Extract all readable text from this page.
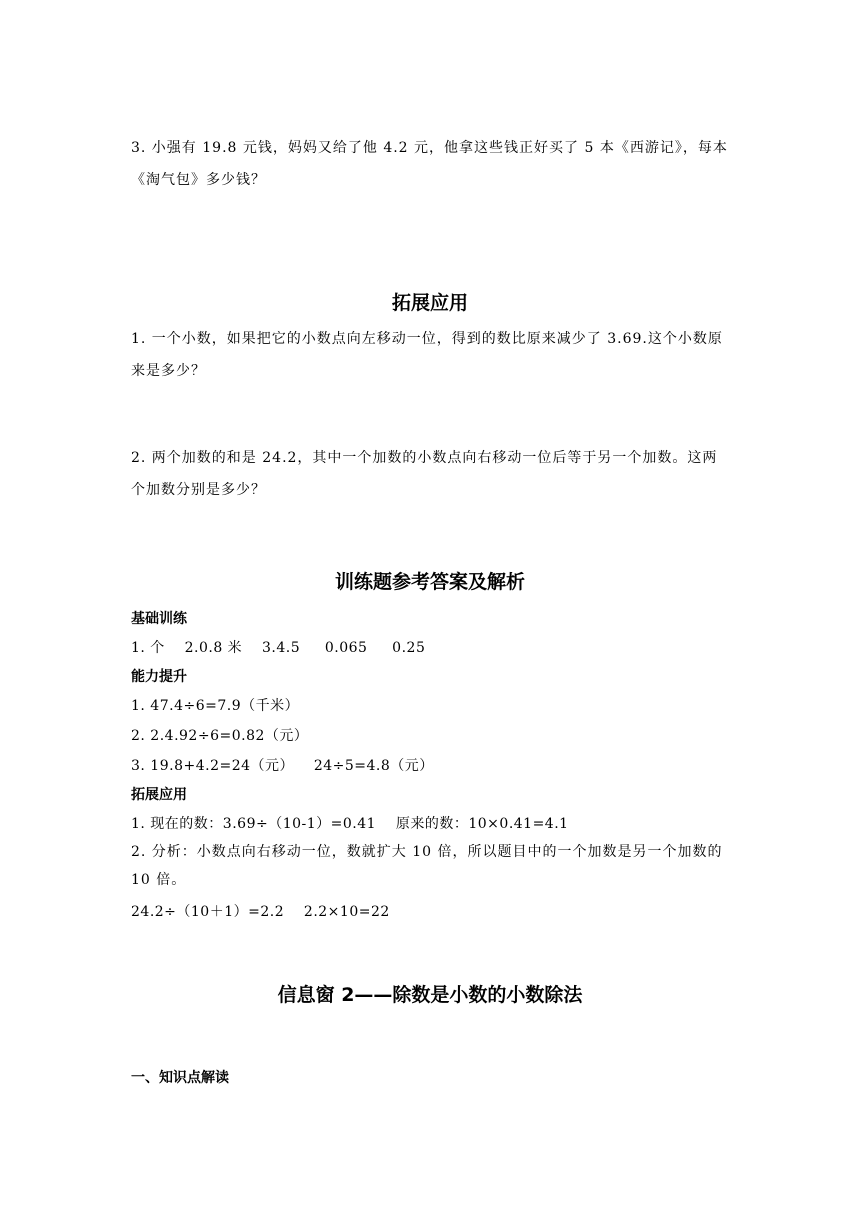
3. 小强有 19.8 元钱，妈妈又给了他 4.2 元，他拿这些钱正好买了 5 本《西游记》，每本《淘气包》多少钱？
拓展应用
1. 一个小数，如果把它的小数点向左移动一位，得到的数比原来减少了 3.69.这个小数原来是多少？
2. 两个加数的和是 24.2，其中一个加数的小数点向右移动一位后等于另一个加数。这两个加数分别是多少？
训练题参考答案及解析
基础训练
1. 个    2.0.8 米    3.4.5     0.065     0.25
能力提升
1. 47.4÷6=7.9（千米）
2. 2.4.92÷6=0.82（元）
3. 19.8+4.2=24（元）    24÷5=4.8（元）
拓展应用
1. 现在的数：3.69÷（10-1）=0.41    原来的数：10×0.41=4.1
2. 分析：小数点向右移动一位，数就扩大 10 倍，所以题目中的一个加数是另一个加数的 10 倍。
24.2÷（10＋1）=2.2    2.2×10=22
信息窗 2——除数是小数的小数除法
一、知识点解读
